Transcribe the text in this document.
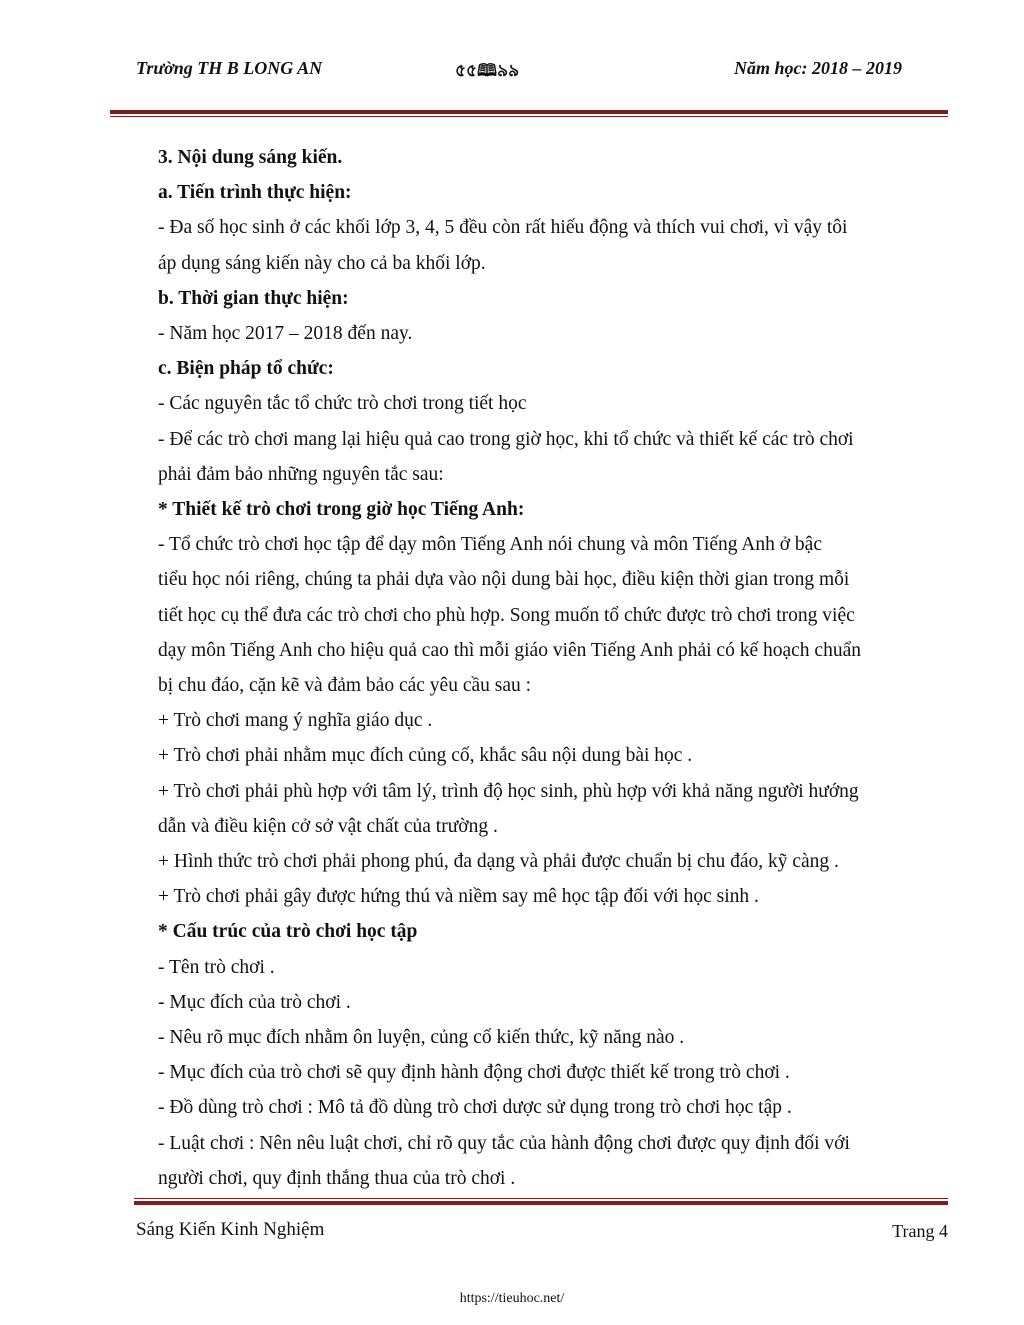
Trường TH B LONG AN	৫৫🕮৯৯	Năm học: 2018 – 2019

3. Nội dung sáng kiến.

a. Tiến trình thực hiện:

- Đa số học sinh ở các khối lớp 3, 4, 5 đều còn rất hiếu động và thích vui chơi, vì vậy tôi

áp dụng sáng kiến này cho cả ba khối lớp.

b. Thời gian thực hiện:

- Năm học 2017 – 2018 đến nay.

c. Biện pháp tổ chức:

- Các nguyên tắc tổ chức trò chơi trong tiết học

- Để các trò chơi mang lại hiệu quả cao trong giờ học, khi tổ chức và thiết kế các trò chơi

phải đảm bảo những nguyên tắc sau:

* Thiết kế trò chơi trong giờ học Tiếng Anh:

- Tổ chức trò chơi học tập để dạy môn Tiếng Anh nói chung và môn Tiếng Anh ở bậc

tiểu học nói riêng, chúng ta phải dựa vào nội dung bài học, điều kiện thời gian trong mỗi

tiết học cụ thể đưa các trò chơi cho phù hợp. Song muốn tổ chức được trò chơi trong việc

dạy môn Tiếng Anh cho hiệu quả cao thì mỗi giáo viên Tiếng Anh phải có kế hoạch chuẩn

bị chu đáo, cặn kẽ và đảm bảo các yêu cầu sau :

+ Trò chơi mang ý nghĩa giáo dục .

+ Trò chơi phải nhằm mục đích củng cố, khắc sâu nội dung bài học .

+ Trò chơi phải phù hợp với tâm lý, trình độ học sinh, phù hợp với khả năng người hướng

dẫn và điều kiện cở sở vật chất của trường .

+ Hình thức trò chơi phải phong phú, đa dạng và phải được chuẩn bị chu đáo, kỹ càng .

+ Trò chơi phải gây được hứng thú và niềm say mê học tập đối với học sinh .

* Cấu trúc của trò chơi học tập

- Tên trò chơi .

- Mục đích của trò chơi .

- Nêu rõ mục đích nhằm ôn luyện, củng cố kiến thức, kỹ năng nào .

- Mục đích của trò chơi sẽ quy định hành động chơi được thiết kế trong trò chơi .

- Đồ dùng trò chơi : Mô tả đồ dùng trò chơi dược sử dụng trong trò chơi học tập .

- Luật chơi : Nên nêu luật chơi, chỉ rõ quy tắc của hành động chơi được quy định đối với

người chơi, quy định thắng thua của trò chơi .

Sáng Kiến Kinh Nghiệm	Trang 4
https://tieuhoc.net/
